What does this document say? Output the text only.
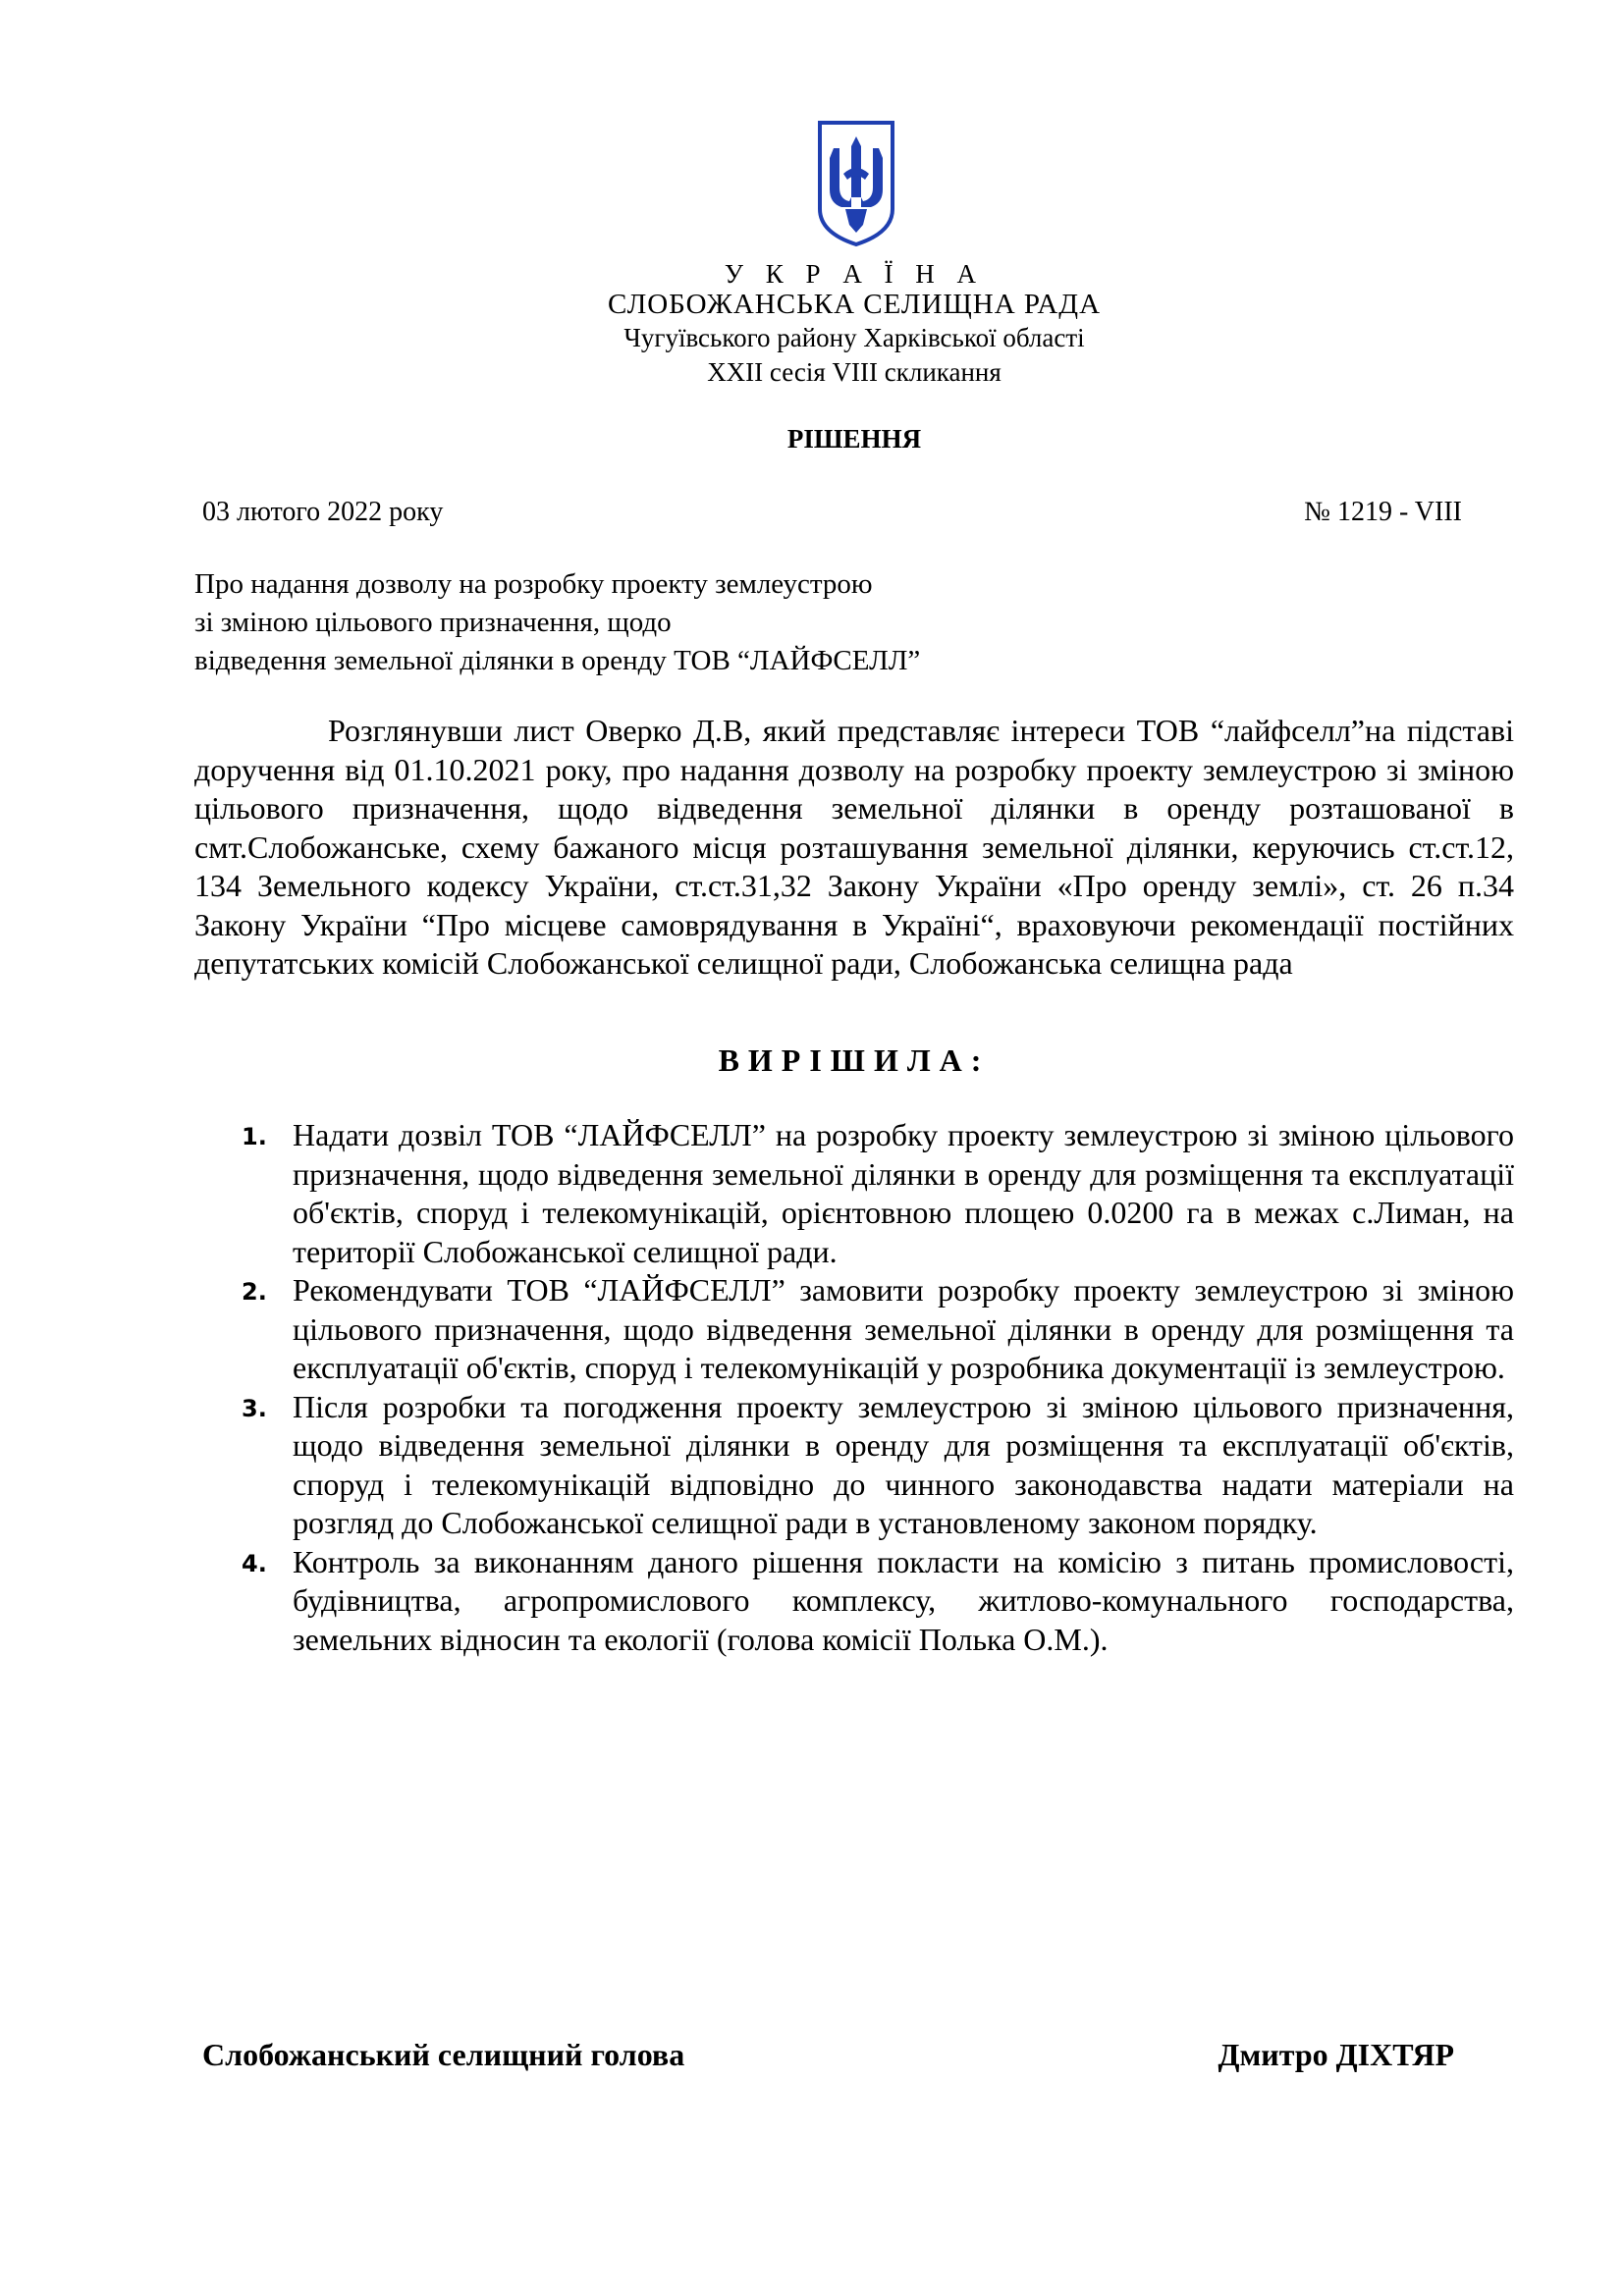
У К Р А Ї Н А
СЛОБОЖАНСЬКА СЕЛИЩНА РАДА
Чугуївського району Харківської області
XXII сесія VIII скликання
РІШЕННЯ
03 лютого 2022 року	№ 1219 - VIII
Про надання дозволу на розробку проекту землеустрою
зі зміною цільового призначення, щодо
відведення земельної ділянки в оренду ТОВ “ЛАЙФСЕЛЛ”
Розглянувши лист Оверко Д.В, який представляє інтереси ТОВ “лайфселл”на підставі доручення від 01.10.2021 року, про надання дозволу на розробку проекту землеустрою зі зміною цільового призначення, щодо відведення земельної ділянки в оренду розташованої в смт.Слобожанське, схему бажаного місця розташування земельної ділянки, керуючись ст.ст.12, 134 Земельного кодексу України, ст.ст.31,32 Закону України «Про оренду землі», ст. 26 п.34 Закону України “Про місцеве самоврядування в Україні“, враховуючи рекомендації постійних депутатських комісій Слобожанської селищної ради, Слобожанська селищна рада
ВИРІШИЛА:
1. Надати дозвіл ТОВ “ЛАЙФСЕЛЛ” на розробку проекту землеустрою зі зміною цільового призначення, щодо відведення земельної ділянки в оренду для розміщення та експлуатації об'єктів, споруд і телекомунікацій, орієнтовною площею 0.0200 га в межах с.Лиман, на території Слобожанської селищної ради.
2. Рекомендувати ТОВ “ЛАЙФСЕЛЛ” замовити розробку проекту землеустрою зі зміною цільового призначення, щодо відведення земельної ділянки в оренду для розміщення та експлуатації об'єктів, споруд і телекомунікацій у розробника документації із землеустрою.
3. Після розробки та погодження проекту землеустрою зі зміною цільового призначення, щодо відведення земельної ділянки в оренду для розміщення та експлуатації об'єктів, споруд і телекомунікацій відповідно до чинного законодавства надати матеріали на розгляд до Слобожанської селищної ради в установленому законом порядку.
4. Контроль за виконанням даного рішення покласти на комісію з питань промисловості, будівництва, агропромислового комплексу, житлово-комунального господарства, земельних відносин та екології (голова комісії Полька О.М.).
Слобожанський селищний голова	Дмитро ДІХТЯР
